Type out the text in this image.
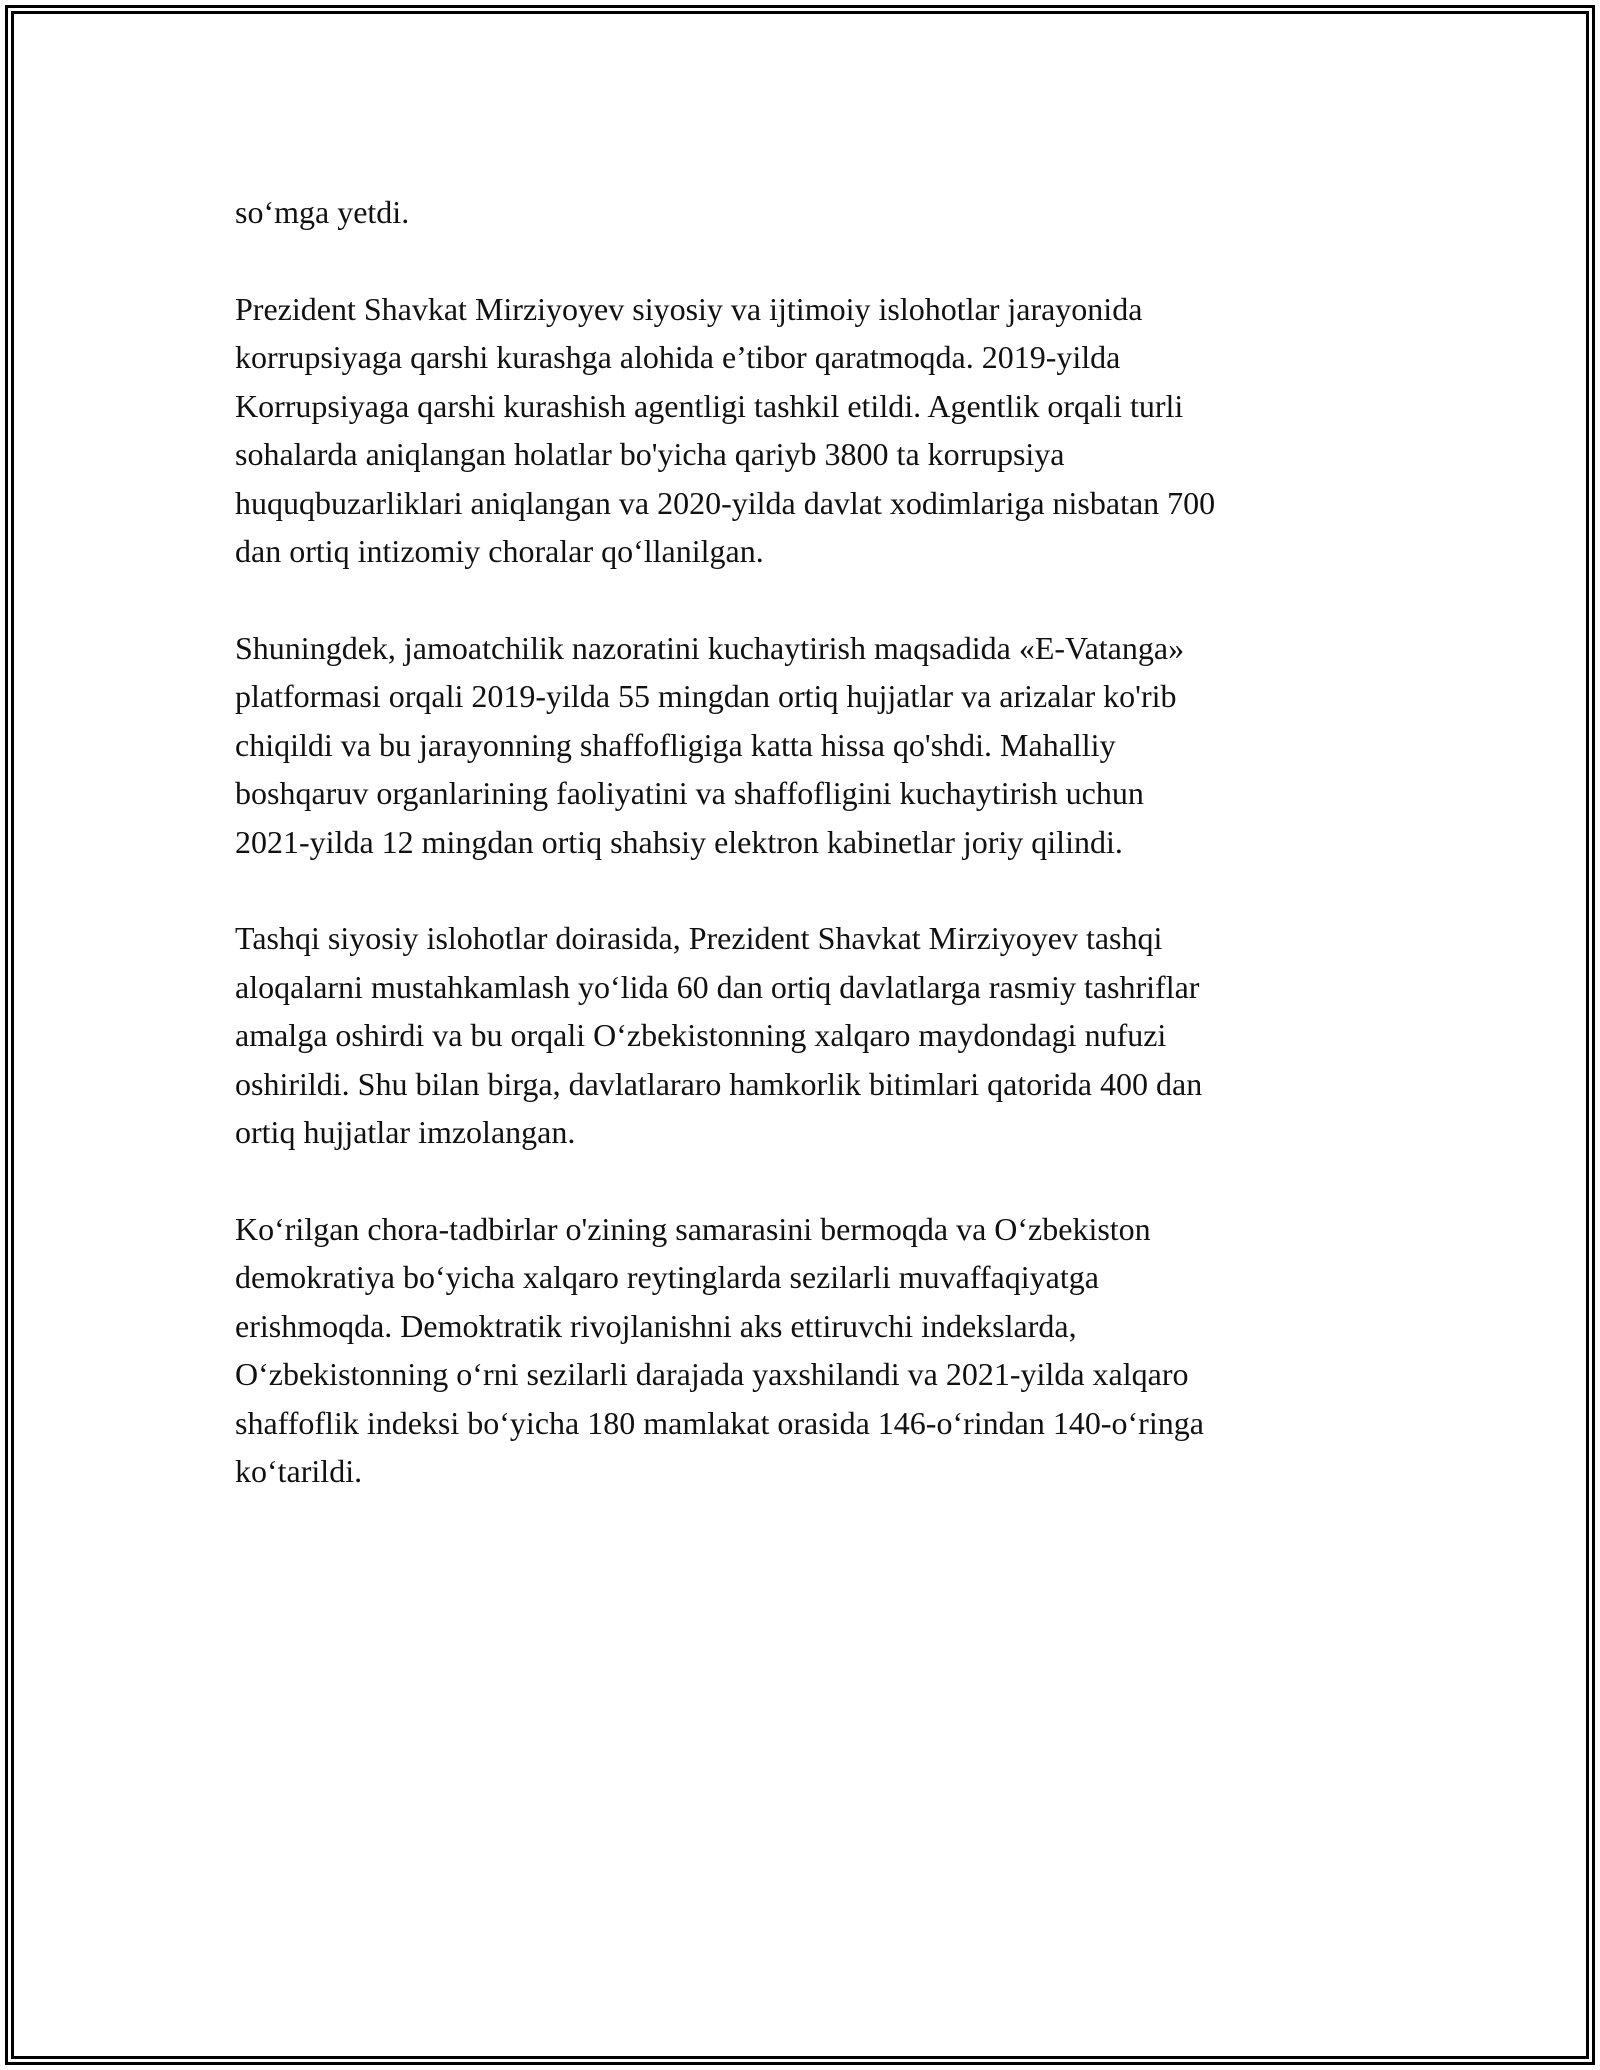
so‘mga yetdi.

Prezident Shavkat Mirziyoyev siyosiy va ijtimoiy islohotlar jarayonida
korrupsiyaga qarshi kurashga alohida e’tibor qaratmoqda. 2019-yilda
Korrupsiyaga qarshi kurashish agentligi tashkil etildi. Agentlik orqali turli
sohalarda aniqlangan holatlar bo'yicha qariyb 3800 ta korrupsiya
huquqbuzarliklari aniqlangan va 2020-yilda davlat xodimlariga nisbatan 700
dan ortiq intizomiy choralar qo‘llanilgan.

Shuningdek, jamoatchilik nazoratini kuchaytirish maqsadida «E-Vatanga»
platformasi orqali 2019-yilda 55 mingdan ortiq hujjatlar va arizalar ko'rib
chiqildi va bu jarayonning shaffofligiga katta hissa qo'shdi. Mahalliy
boshqaruv organlarining faoliyatini va shaffofligini kuchaytirish uchun
2021-yilda 12 mingdan ortiq shahsiy elektron kabinetlar joriy qilindi.

Tashqi siyosiy islohotlar doirasida, Prezident Shavkat Mirziyoyev tashqi
aloqalarni mustahkamlash yo‘lida 60 dan ortiq davlatlarga rasmiy tashriflar
amalga oshirdi va bu orqali O‘zbekistonning xalqaro maydondagi nufuzi
oshirildi. Shu bilan birga, davlatlararo hamkorlik bitimlari qatorida 400 dan
ortiq hujjatlar imzolangan.

Ko‘rilgan chora-tadbirlar o'zining samarasini bermoqda va O‘zbekiston
demokratiya bo‘yicha xalqaro reytinglarda sezilarli muvaffaqiyatga
erishmoqda. Demoktratik rivojlanishni aks ettiruvchi indekslarda,
O‘zbekistonning o‘rni sezilarli darajada yaxshilandi va 2021-yilda xalqaro
shaffoflik indeksi bo‘yicha 180 mamlakat orasida 146-o‘rindan 140-o‘ringa
ko‘tarildi.
